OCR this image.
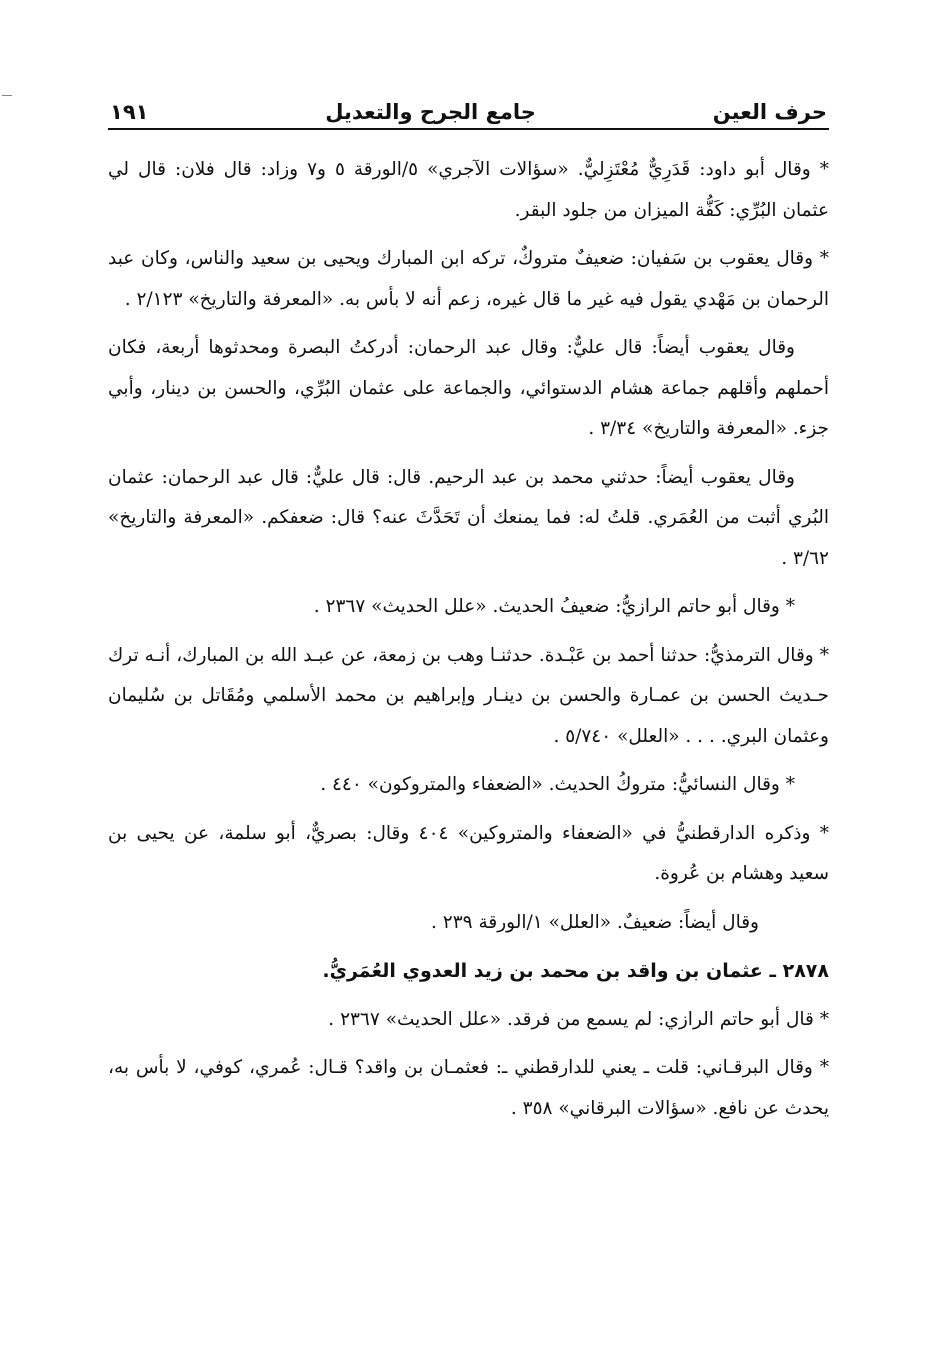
حرف العين
جامع الجرح والتعديل
١٩١

* وقال أبو داود: قَدَرِيٌّ مُعْتَزِليٌّ. «سؤالات الآجري» ٥/الورقة ٥ و٧ وزاد: قال فلان: قال لي عثمان البُرِّي: كَفُّة الميزان من جلود البقر.

* وقال يعقوب بن سَفيان: ضعيفٌ متروكٌ، تركه ابن المبارك ويحيى بن سعيد والناس، وكان عبد الرحمان بن مَهْدي يقول فيه غير ما قال غيره، زعم أنه لا بأس به. «المعرفة والتاريخ» ٢/١٢٣ .

وقال يعقوب أيضاً: قال عليٌّ: وقال عبد الرحمان: أدركتُ البصرة ومحدثوها أربعة، فكان أحملهم وأقلهم جماعة هشام الدستوائي، والجماعة على عثمان البُرِّي، والحسن بن دينار، وأبي جزء. «المعرفة والتاريخ» ٣/٣٤ .

وقال يعقوب أيضاً: حدثني محمد بن عبد الرحيم. قال: قال عليٌّ: قال عبد الرحمان: عثمان البُري أثبت من العُمَري. قلتُ له: فما يمنعك أن تَحَدَّثَ عنه؟ قال: ضعفكم. «المعرفة والتاريخ» ٣/٦٢ .

* وقال أبو حاتم الرازيُّ: ضعيفُ الحديث. «علل الحديث» ٢٣٦٧ .

* وقال الترمذيُّ: حدثنا أحمد بن عَبْـدة. حدثنـا وهب بن زمعة، عن عبـد الله بن المبارك، أنـه ترك حـديث الحسن بن عمـارة والحسن بن دينـار وإبراهيم بن محمد الأسلمي ومُقَاتل بن سُليمان وعثمان البري. . . . «العلل» ٥/٧٤٠ .

* وقال النسائيُّ: متروكُ الحديث. «الضعفاء والمتروكون» ٤٤٠ .

* وذكره الدارقطنيُّ في «الضعفاء والمتروكين» ٤٠٤ وقال: بصريٌّ، أبو سلمة، عن يحيى بن سعيد وهشام بن عُروة.

وقال أيضاً: ضعيفٌ. «العلل» ١/الورقة ٢٣٩ .

٢٨٧٨ ـ عثمان بن واقد بن محمد بن زيد العدوي العُمَريُّ.

* قال أبو حاتم الرازي: لم يسمع من فرقد. «علل الحديث» ٢٣٦٧ .

* وقال البرقـاني: قلت ـ يعني للدارقطني ـ: فعثمـان بن واقد؟ قـال: عُمري، كوفي، لا بأس به، يحدث عن نافع. «سؤالات البرقاني» ٣٥٨ .
